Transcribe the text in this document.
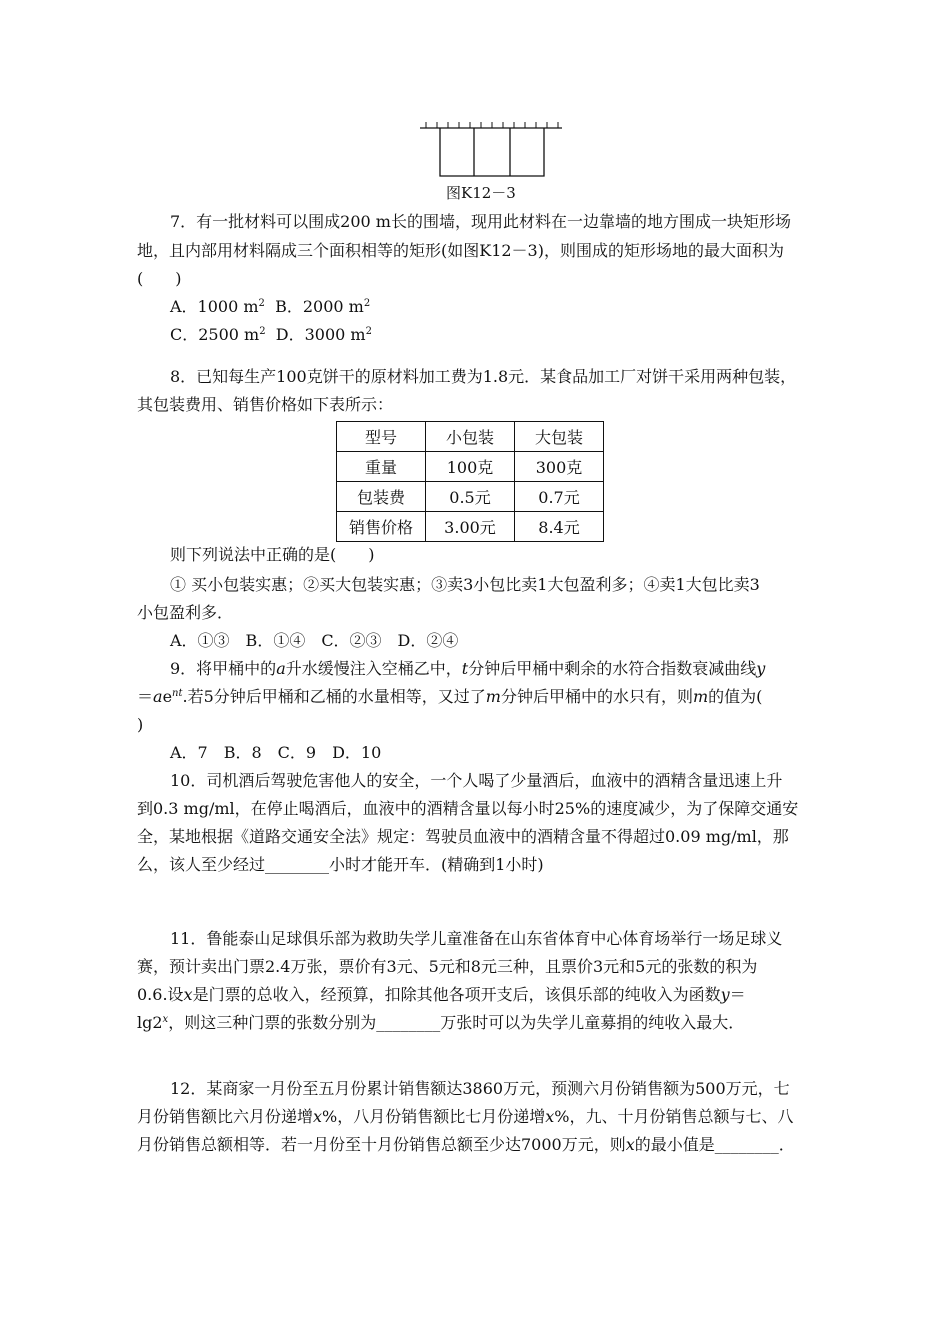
图K12－3
7．有一批材料可以围成200 m长的围墙，现用此材料在一边靠墙的地方围成一块矩形场
地，且内部用材料隔成三个面积相等的矩形(如图K12－3)，则围成的矩形场地的最大面积为
(　　)
A．1000 $m^2$ B．2000 $m^2$
C．2500 $m^2$ D．3000 $m^2$
8．已知每生产100克饼干的原材料加工费为1.8元．某食品加工厂对饼干采用两种包装，
其包装费用、销售价格如下表所示：
型号	小包装	大包装
重量	100克	300克
包装费	0.5元	0.7元
销售价格	3.00元	8.4元
则下列说法中正确的是(　　)
① 买小包装实惠；②买大包装实惠；③卖3小包比卖1大包盈利多；④卖1大包比卖3
小包盈利多．
A．①③　B．①④　C．②③　D．②④
9．将甲桶中的a升水缓慢注入空桶乙中，t分钟后甲桶中剩余的水符合指数衰减曲线y
$=ae^{nt}$.若5分钟后甲桶和乙桶的水量相等，又过了m分钟后甲桶中的水只有，则m的值为(
)
A．7　B．8　C．9　D．10
10．司机酒后驾驶危害他人的安全，一个人喝了少量酒后，血液中的酒精含量迅速上升
到0.3 mg/ml，在停止喝酒后，血液中的酒精含量以每小时25%的速度减少，为了保障交通安
全，某地根据《道路交通安全法》规定：驾驶员血液中的酒精含量不得超过0.09 mg/ml，那
么，该人至少经过________小时才能开车．(精确到1小时)
11．鲁能泰山足球俱乐部为救助失学儿童准备在山东省体育中心体育场举行一场足球义
赛，预计卖出门票2.4万张，票价有3元、5元和8元三种，且票价3元和5元的张数的积为
0.6.设x是门票的总收入，经预算，扣除其他各项开支后，该俱乐部的纯收入为函数y＝
$\lg 2^x$，则这三种门票的张数分别为________万张时可以为失学儿童募捐的纯收入最大．
12．某商家一月份至五月份累计销售额达3860万元，预测六月份销售额为500万元，七
月份销售额比六月份递增x%，八月份销售额比七月份递增x%，九、十月份销售总额与七、八
月份销售总额相等．若一月份至十月份销售总额至少达7000万元，则x的最小值是________．
